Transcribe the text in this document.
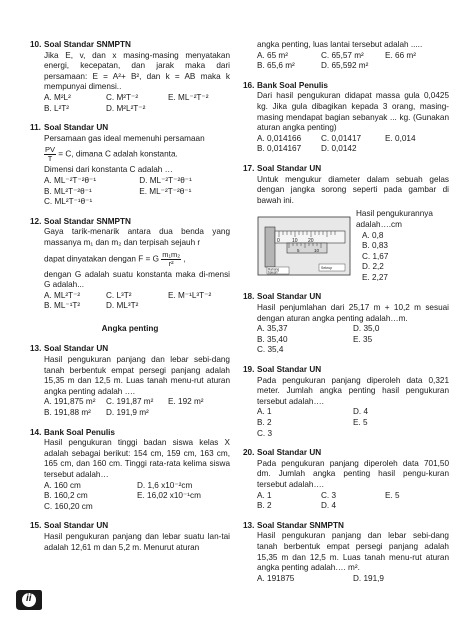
10. Soal Standar SNMPTN
Jika E, v, dan x masing-masing menyatakan energi, kecepatan, dan jarak maka dari persamaan: E = A²+ B², dan k = AB maka k mempunyai dimensi..
A. M²L²	C. M²T⁻²	E. ML⁻²T⁻²
B. L²T²	D. M²L²T⁻²
11. Soal Standar UN
Persamaan gas ideal memenuhi persamaan
$\frac{PV}{T} = C$, dimana C adalah konstanta.
Dimensi dari konstanta C adalah …
A. ML⁻²T⁻²θ⁻¹	D. ML⁻²T⁻²θ⁻¹
B. ML²T⁻²θ⁻¹	E. ML⁻²T⁻²θ⁻¹
C. ML²T⁻¹θ⁻¹
12. Soal Standar SNMPTN
Gaya tarik-menarik antara dua benda yang massanya m₁ dan m₂ dan terpisah sejauh r
dapat dinyatakan dengan F = G $\frac{\text{m₁m₂}}{\text{r²}}$ ,
dengan G adalah suatu konstanta maka di-mensi G adalah...
A. ML²T⁻²	C. L³T²	E. M⁻¹L³T⁻²
B. ML⁻¹T²	D. ML³T²
Angka penting
13. Soal Standar UN
Hasil pengukuran panjang dan lebar sebi-dang tanah berbentuk empat persegi panjang adalah 15,35 m dan 12,5 m. Luas tanah menu-rut aturan angka penting adalah ….
A. 191,875 m²	C. 191,87 m²	E. 192 m²
B. 191,88 m²	D. 191,9 m²
14. Bank Soal Penulis
Hasil pengukuran tinggi badan siswa kelas X adalah sebagai berikut: 154 cm, 159 cm, 163 cm, 165 cm, dan 160 cm. Tinggi rata-rata kelima siswa tersebut adalah…
A. 160 cm	D. 1,6 x10⁻²cm
B. 160,2 cm	E. 16,02 x10⁻¹cm
C. 160,20 cm
15. Soal Standar UN
Hasil pengukuran panjang dan lebar suatu lan-tai adalah 12,61 m dan 5,2 m. Menurut aturan
angka penting, luas lantai tersebut adalah .....
A. 65 m²	C. 65,57 m²	E. 66 m²
B. 65,6 m²	D. 65,592 m²
16. Bank Soal Penulis
Dari hasil pengukuran didapat massa gula 0,0425 kg. Jika gula dibagikan kepada 3 orang, masing-masing mendapat bagian sebanyak ... kg. (Gunakan aturan angka penting)
A. 0,014166	C. 0,01417	E. 0,014
B. 0,014167	D. 0,0142
17. Soal Standar UN
Untuk mengukur diameter dalam sebuah gelas dengan jangka sorong seperti pada gambar di bawah ini.
0 10 20
5	10
Rahang
bawah
Sekrup
Hasil pengukurannya adalah….cm
A. 0,8
B. 0,83
C. 1,67
D. 2,2
E. 2,27
18. Soal Standar UN
Hasil penjumlahan dari 25,17 m + 10,2 m sesuai dengan aturan angka penting adalah…m.
A. 35,37	D. 35,0
B. 35,40	E. 35
C. 35,4
19. Soal Standar UN
Pada pengukuran panjang diperoleh data 0,321 meter. Jumlah angka penting hasil pengukuran tersebut adalah….
A. 1	D. 4
B. 2	E. 5
C. 3
20. Soal Standar UN
Pada pengukuran panjang diperoleh data 701,50 dm. Jumlah angka penting hasil pengu-kuran tersebut adalah….
A. 1	C. 3	E. 5
B. 2	D. 4
13. Soal Standar SNMPTN
Hasil pengukuran panjang dan lebar sebi-dang tanah berbentuk empat persegi panjang adalah 15,35 m dan 12,5 m. Luas tanah menu-rut aturan angka penting adalah…. m².
A. 191875	D. 191,9
ii
